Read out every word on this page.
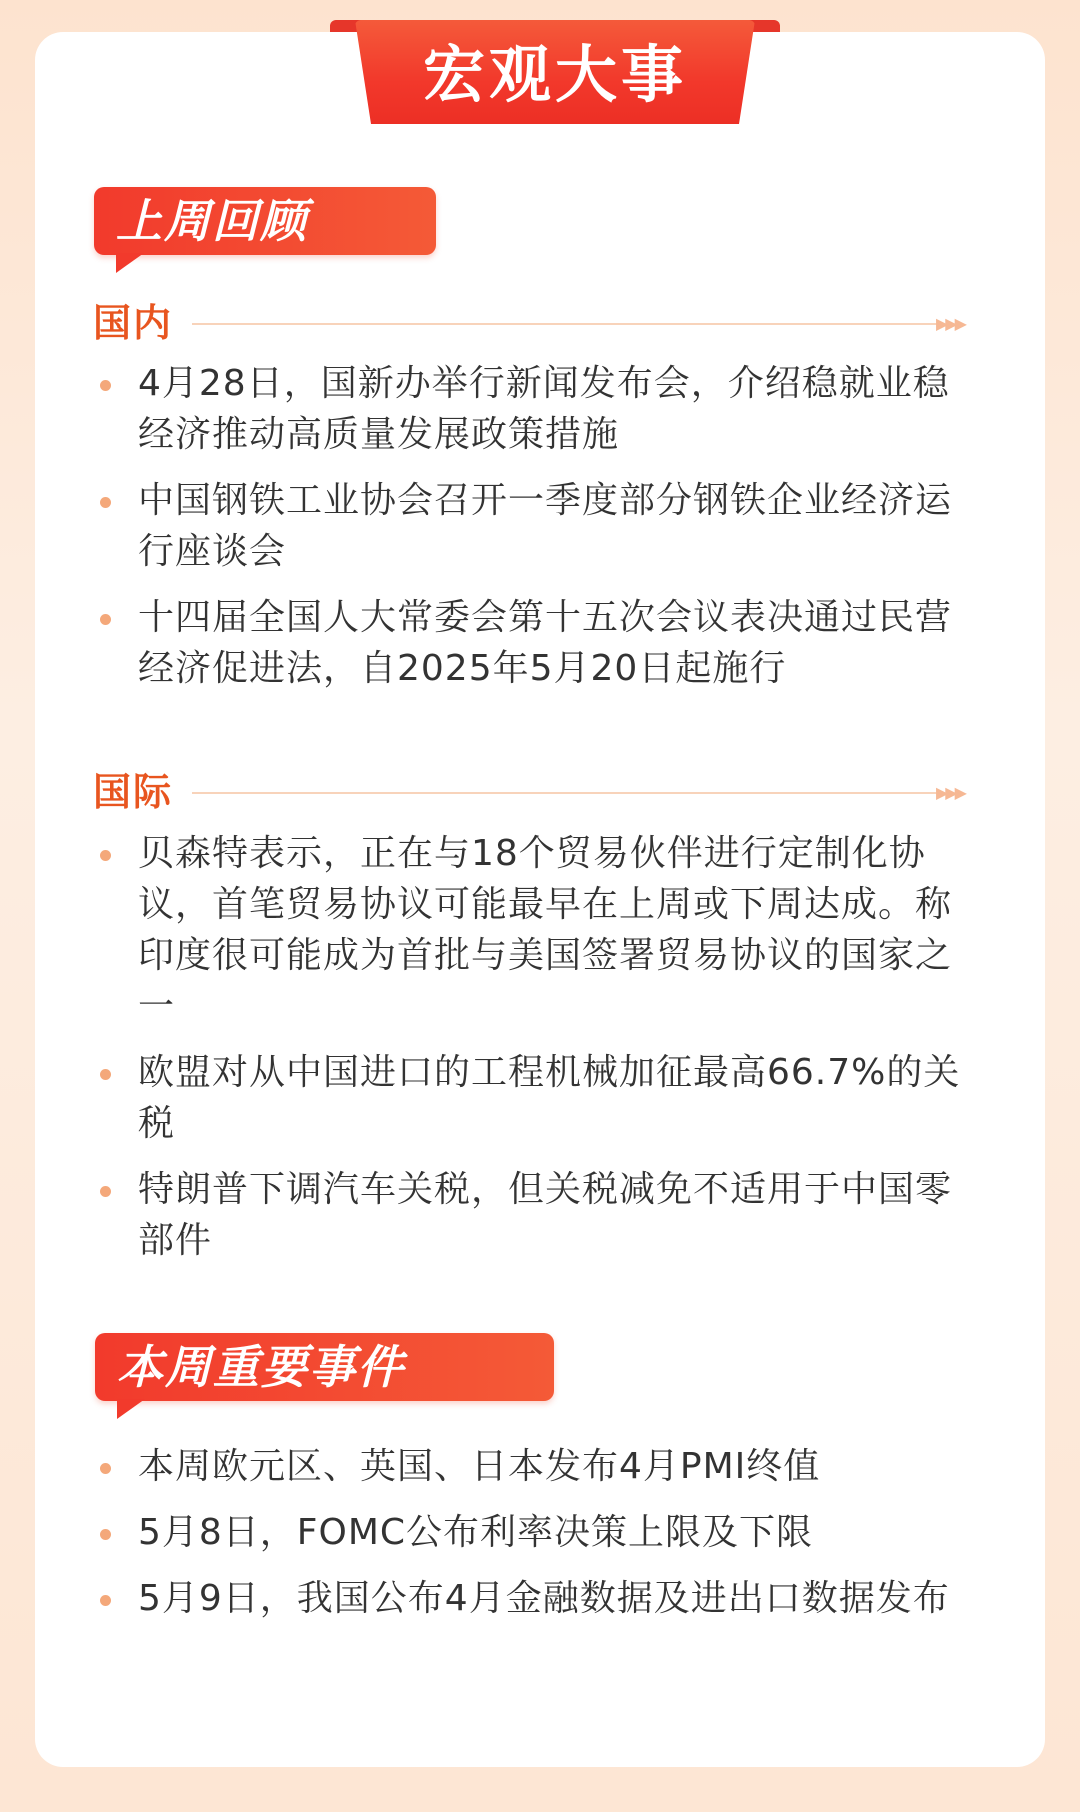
宏观大事
上周回顾
国内	▶▶▶
4月28日，国新办举行新闻发布会，介绍稳就业稳经济推动高质量发展政策措施
中国钢铁工业协会召开一季度部分钢铁企业经济运行座谈会
十四届全国人大常委会第十五次会议表决通过民营经济促进法，自2025年5月20日起施行
国际	▶▶▶
贝森特表示，正在与18个贸易伙伴进行定制化协议，首笔贸易协议可能最早在上周或下周达成。称印度很可能成为首批与美国签署贸易协议的国家之一
欧盟对从中国进口的工程机械加征最高66.7%的关税
特朗普下调汽车关税，但关税减免不适用于中国零部件
本周重要事件
本周欧元区、英国、日本发布4月PMI终值
5月8日，FOMC公布利率决策上限及下限
5月9日，我国公布4月金融数据及进出口数据发布
